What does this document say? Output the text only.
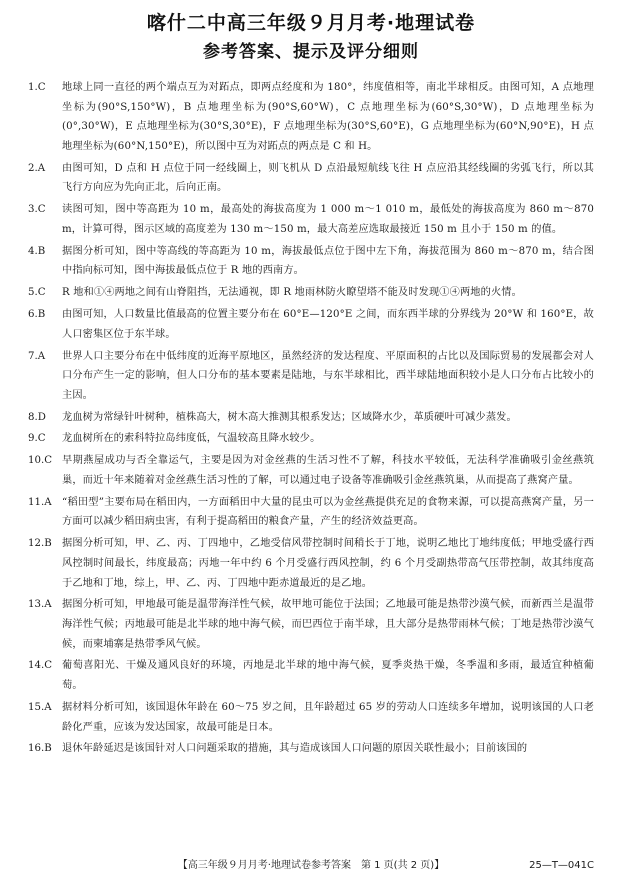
喀什二中高三年级９月月考·地理试卷
参考答案、提示及评分细则
1.C	地球上同一直径的两个端点互为对跖点，即两点经度和为 180°，纬度值相等，南北半球相反。由图可知，A 点地理坐标为(90°S,150°W)，B 点地理坐标为(90°S,60°W)，C 点地理坐标为(60°S,30°W)，D 点地理坐标为(0°,30°W)，E 点地理坐标为(30°S,30°E)，F 点地理坐标为(30°S,60°E)，G 点地理坐标为(60°N,90°E)，H 点地理坐标为(60°N,150°E)，所以图中互为对跖点的两点是 C 和 H。
2.A	由图可知，D 点和 H 点位于同一经线圈上，则飞机从 D 点沿最短航线飞往 H 点应沿其经线圈的劣弧飞行，所以其飞行方向应为先向正北，后向正南。
3.C	读图可知，图中等高距为 10 m，最高处的海拔高度为 1 000 m～1 010 m，最低处的海拔高度为 860 m～870 m，计算可得，图示区域的高度差为 130 m～150 m，最大高差应选取最接近 150 m 且小于 150 m 的值。
4.B	据图分析可知，图中等高线的等高距为 10 m，海拔最低点位于图中左下角，海拔范围为 860 m～870 m，结合图中指向标可知，图中海拔最低点位于 R 地的西南方。
5.C	R 地和①④两地之间有山脊阻挡，无法通视，即 R 地雨林防火瞭望塔不能及时发现①④两地的火情。
6.B	由图可知，人口数量比值最高的位置主要分布在 60°E—120°E 之间，而东西半球的分界线为 20°W 和 160°E，故人口密集区位于东半球。
7.A	世界人口主要分布在中低纬度的近海平原地区，虽然经济的发达程度、平原面积的占比以及国际贸易的发展都会对人口分布产生一定的影响，但人口分布的基本要素是陆地，与东半球相比，西半球陆地面积较小是人口分布占比较小的主因。
8.D	龙血树为常绿针叶树种，植株高大，树木高大推测其根系发达；区域降水少，革质硬叶可减少蒸发。
9.C	龙血树所在的索科特拉岛纬度低，气温较高且降水较少。
10.C 早期燕屋成功与否全靠运气，主要是因为对金丝燕的生活习性不了解，科技水平较低，无法科学准确吸引金丝燕筑巢，而近十年来随着对金丝燕生活习性的了解，可以通过电子设备等准确吸引金丝燕筑巢，从而提高了燕窝产量。
11.A	“稻田型”主要布局在稻田内，一方面稻田中大量的昆虫可以为金丝燕提供充足的食物来源，可以提高燕窝产量，另一方面可以减少稻田病虫害，有利于提高稻田的粮食产量，产生的经济效益更高。
12.B	据图分析可知，甲、乙、丙、丁四地中，乙地受信风带控制时间稍长于丁地，说明乙地比丁地纬度低；甲地受盛行西风控制时间最长，纬度最高；丙地一年中约 6 个月受盛行西风控制，约 6 个月受副热带高气压带控制，故其纬度高于乙地和丁地，综上，甲、乙、丙、丁四地中距赤道最近的是乙地。
13.A	据图分析可知，甲地最可能是温带海洋性气候，故甲地可能位于法国；乙地最可能是热带沙漠气候，而新西兰是温带海洋性气候；丙地最可能是北半球的地中海气候，而巴西位于南半球，且大部分是热带雨林气候；丁地是热带沙漠气候，而柬埔寨是热带季风气候。
14.C 葡萄喜阳光、干燥及通风良好的环境，丙地是北半球的地中海气候，夏季炎热干燥，冬季温和多雨，最适宜种植葡萄。
15.A	据材料分析可知，该国退休年龄在 60～75 岁之间，且年龄超过 65 岁的劳动人口连续多年增加，说明该国的人口老龄化严重，应该为发达国家，故最可能是日本。
16.B	退休年龄延迟是该国针对人口问题采取的措施，其与造成该国人口问题的原因关联性最小；目前该国的
【高三年级９月月考·地理试卷参考答案　第 1 页(共 2 页)】	25—T—041C
